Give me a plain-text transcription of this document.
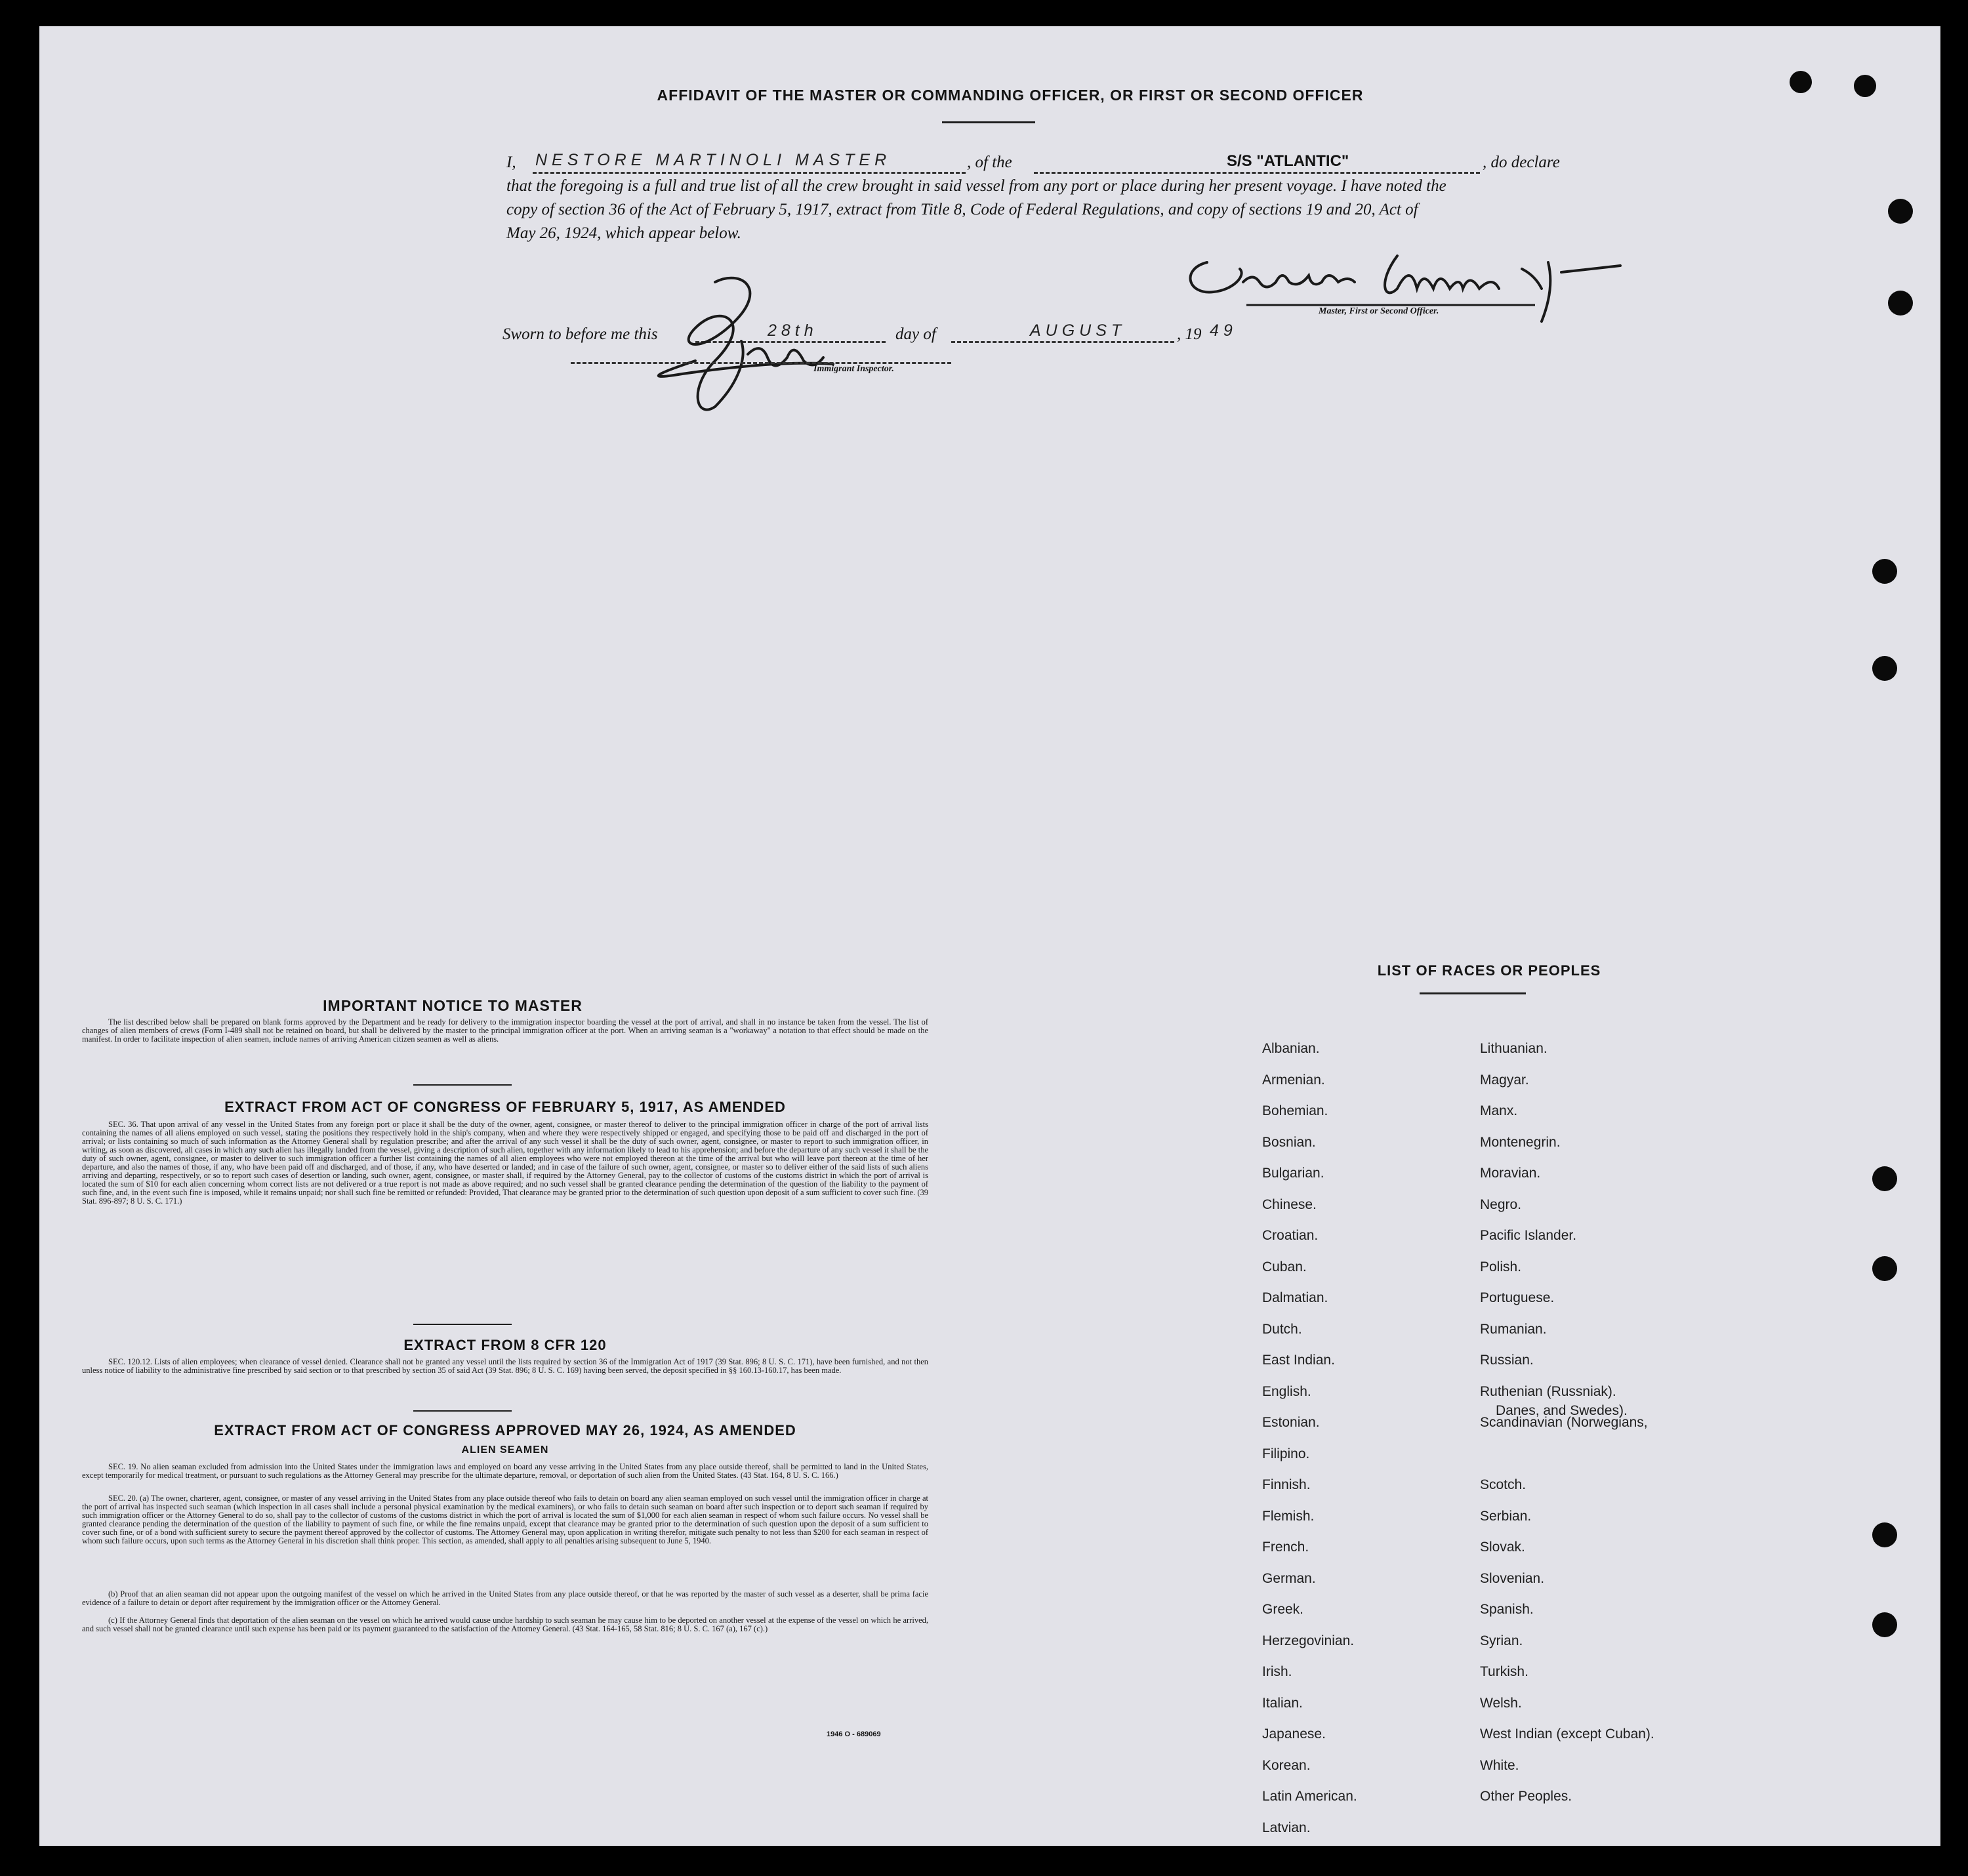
AFFIDAVIT OF THE MASTER OR COMMANDING OFFICER, OR FIRST OR SECOND OFFICER
I, NESTORE MARTINOLI MASTER	, of the	S/S "ATLANTIC"	, do declare
that the foregoing is a full and true list of all the crew brought in said vessel from any port or place during her present voyage. I have noted the
copy of section 36 of the Act of February 5, 1917, extract from Title 8, Code of Federal Regulations, and copy of sections 19 and 20, Act of
May 26, 1924, which appear below.
Master, First or Second Officer.
Sworn to before me this	28th	day of	AUGUST	, 19 49
Immigrant Inspector.
IMPORTANT NOTICE TO MASTER
The list described below shall be prepared on blank forms approved by the Department and be ready for delivery to the immigration inspector boarding the vessel at the port of arrival, and shall in no instance be taken from the vessel. The list of changes of alien members of crews (Form I-489 shall not be retained on board, but shall be delivered by the master to the principal immigration officer at the port. When an arriving seaman is a "workaway" a notation to that effect should be made on the manifest. In order to facilitate inspection of alien seamen, include names of arriving American citizen seamen as well as aliens.
EXTRACT FROM ACT OF CONGRESS OF FEBRUARY 5, 1917, AS AMENDED
SEC. 36. That upon arrival of any vessel in the United States from any foreign port or place it shall be the duty of the owner, agent, consignee, or master thereof to deliver to the principal immigration officer in charge of the port of arrival lists containing the names of all aliens employed on such vessel, stating the positions they respectively hold in the ship's company, when and where they were respectively shipped or engaged, and specifying those to be paid off and discharged in the port of arrival; or lists containing so much of such information as the Attorney General shall by regulation prescribe; and after the arrival of any such vessel it shall be the duty of such owner, agent, consignee, or master to report to such immigration officer, in writing, as soon as discovered, all cases in which any such alien has illegally landed from the vessel, giving a description of such alien, together with any information likely to lead to his apprehension; and before the departure of any such vessel it shall be the duty of such owner, agent, consignee, or master to deliver to such immigration officer a further list containing the names of all alien employees who were not employed thereon at the time of the arrival but who will leave port thereon at the time of her departure, and also the names of those, if any, who have been paid off and discharged, and of those, if any, who have deserted or landed; and in case of the failure of such owner, agent, consignee, or master so to deliver either of the said lists of such aliens arriving and departing, respectively, or so to report such cases of desertion or landing, such owner, agent, consignee, or master shall, if required by the Attorney General, pay to the collector of customs of the customs district in which the port of arrival is located the sum of $10 for each alien concerning whom correct lists are not delivered or a true report is not made as above required; and no such vessel shall be granted clearance pending the determination of the question of the liability to the payment of such fine, and, in the event such fine is imposed, while it remains unpaid; nor shall such fine be remitted or refunded: Provided, That clearance may be granted prior to the determination of such question upon deposit of a sum sufficient to cover such fine. (39 Stat. 896-897; 8 U. S. C. 171.)
EXTRACT FROM 8 CFR 120
SEC. 120.12. Lists of alien employees; when clearance of vessel denied. Clearance shall not be granted any vessel until the lists required by section 36 of the Immigration Act of 1917 (39 Stat. 896; 8 U. S. C. 171), have been furnished, and not then unless notice of liability to the administrative fine prescribed by said section or to that prescribed by section 35 of said Act (39 Stat. 896; 8 U. S. C. 169) having been served, the deposit specified in §§ 160.13-160.17, has been made.
EXTRACT FROM ACT OF CONGRESS APPROVED MAY 26, 1924, AS AMENDED
ALIEN SEAMEN
SEC. 19. No alien seaman excluded from admission into the United States under the immigration laws and employed on board any vesse arriving in the United States from any place outside thereof, shall be permitted to land in the United States, except temporarily for medical treatment, or pursuant to such regulations as the Attorney General may prescribe for the ultimate departure, removal, or deportation of such alien from the United States. (43 Stat. 164, 8 U. S. C. 166.)
SEC. 20. (a) The owner, charterer, agent, consignee, or master of any vessel arriving in the United States from any place outside thereof who fails to detain on board any alien seaman employed on such vessel until the immigration officer in charge at the port of arrival has inspected such seaman (which inspection in all cases shall include a personal physical examination by the medical examiners), or who fails to detain such seaman on board after such inspection or to deport such seaman if required by such immigration officer or the Attorney General to do so, shall pay to the collector of customs of the customs district in which the port of arrival is located the sum of $1,000 for each alien seaman in respect of whom such failure occurs. No vessel shall be granted clearance pending the determination of the question of the liability to payment of such fine, or while the fine remains unpaid, except that clearance may be granted prior to the determination of such question upon the deposit of a sum sufficient to cover such fine, or of a bond with sufficient surety to secure the payment thereof approved by the collector of customs. The Attorney General may, upon application in writing therefor, mitigate such penalty to not less than $200 for each seaman in respect of whom such failure occurs, upon such terms as the Attorney General in his discretion shall think proper. This section, as amended, shall apply to all penalties arising subsequent to June 5, 1940.
(b) Proof that an alien seaman did not appear upon the outgoing manifest of the vessel on which he arrived in the United States from any place outside thereof, or that he was reported by the master of such vessel as a deserter, shall be prima facie evidence of a failure to detain or deport after requirement by the immigration officer or the Attorney General.
(c) If the Attorney General finds that deportation of the alien seaman on the vessel on which he arrived would cause undue hardship to such seaman he may cause him to be deported on another vessel at the expense of the vessel on which he arrived, and such vessel shall not be granted clearance until such expense has been paid or its payment guaranteed to the satisfaction of the Attorney General. (43 Stat. 164-165, 58 Stat. 816; 8 U. S. C. 167 (a), 167 (c).)
1946 O - 689069
LIST OF RACES OR PEOPLES
Albanian.
Armenian.
Bohemian.
Bosnian.
Bulgarian.
Chinese.
Croatian.
Cuban.
Dalmatian.
Dutch.
East Indian.
English.
Estonian.
Filipino.
Finnish.
Flemish.
French.
German.
Greek.
Herzegovinian.
Irish.
Italian.
Japanese.
Korean.
Latin American.
Latvian.
Lithuanian.
Magyar.
Manx.
Montenegrin.
Moravian.
Negro.
Pacific Islander.
Polish.
Portuguese.
Rumanian.
Russian.
Ruthenian (Russniak).
Scandinavian (Norwegians,
Scotch.
Serbian.
Slovak.
Slovenian.
Spanish.
Syrian.
Turkish.
Welsh.
West Indian (except Cuban).
White.
Other Peoples.
Danes, and Swedes).
